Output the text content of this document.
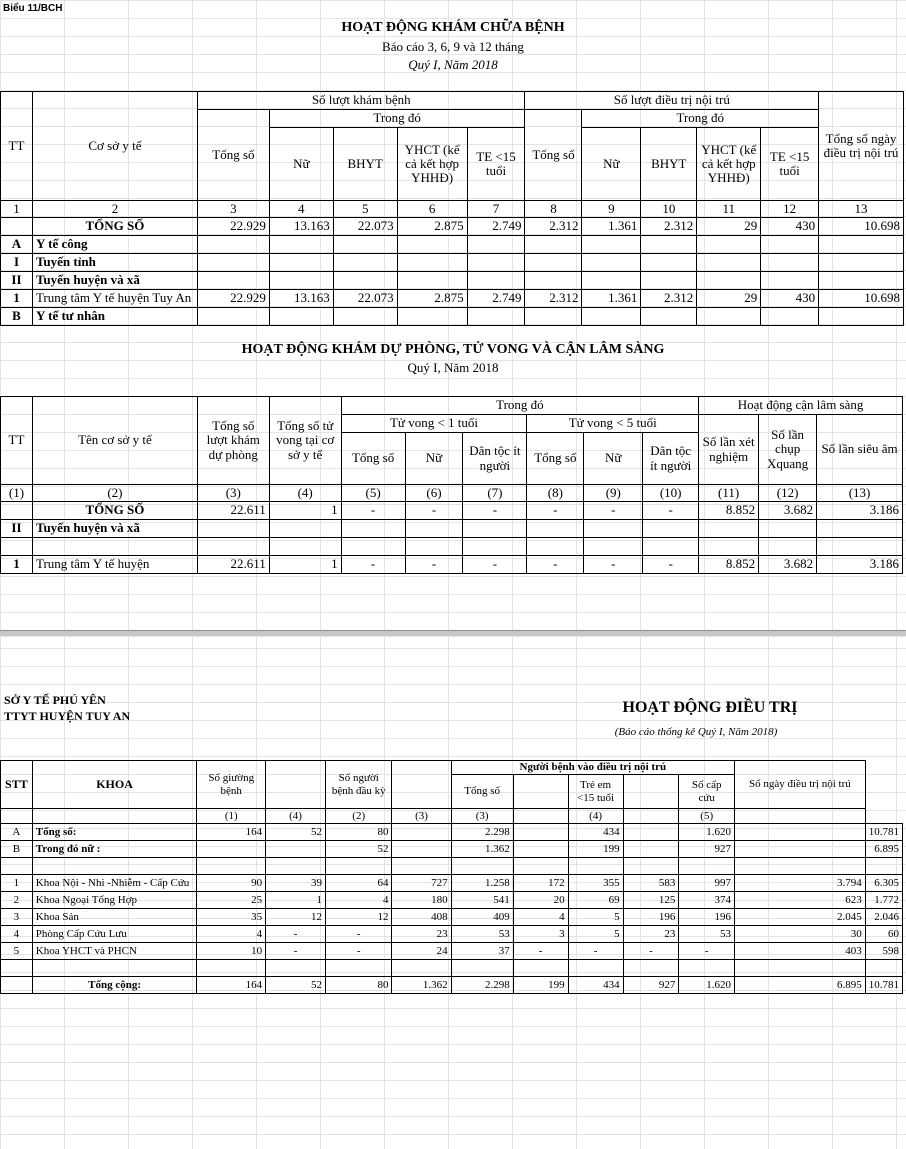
Biểu 11/BCH
HOẠT ĐỘNG KHÁM CHỮA BỆNH
Báo cáo 3, 6, 9 và 12 tháng
Quý I, Năm 2018
TT	Cơ sở y tế	Số lượt khám bệnh					Số lượt điều trị nội trú					Tổng số ngày điều trị nội trú
		Tổng số	Trong đó				Tổng số	Trong đó				
			Nữ	BHYT	YHCT (kể cả kết hợp YHHĐ)	TE <15 tuổi		Nữ	BHYT	YHCT (kể cả kết hợp YHHĐ)	TE <15 tuổi	
1	2	3	4	5	6	7	8	9	10	11	12	13
	TỔNG SỐ	22.929	13.163	22.073	2.875	2.749	2.312	1.361	2.312	29	430	10.698
A	Y tế công											
I	Tuyến tỉnh											
II	Tuyến huyện và xã											
1	Trung tâm Y tế huyện Tuy An	22.929	13.163	22.073	2.875	2.749	2.312	1.361	2.312	29	430	10.698
B	Y tế tư nhân											
HOẠT ĐỘNG KHÁM DỰ PHÒNG, TỬ VONG VÀ CẬN LÂM SÀNG
Quý I, Năm 2018
TT	Tên cơ sở y tế	Tổng số lượt khám dự phòng	Tổng số tử vong tại cơ sở y tế	Trong đó						Hoạt động cận lâm sàng		
				Tử vong < 1 tuổi			Tử vong < 5 tuổi			Số lần xét nghiệm	Số lần chụp Xquang	Số lần siêu âm
				Tổng số	Nữ	Dân tộc ít người	Tổng số	Nữ	Dân tộc ít người			
(1)	(2)	(3)	(4)	(5)	(6)	(7)	(8)	(9)	(10)	(11)	(12)	(13)
	TỔNG SỐ	22.611	1	-	-	-	-	-	-	8.852	3.682	3.186
II	Tuyến huyện và xã											

1	Trung tâm Y tế huyện	22.611	1	-	-	-	-	-	-	8.852	3.682	3.186
SỞ Y TẾ PHÚ YÊN
TTYT HUYỆN TUY AN	HOẠT ĐỘNG ĐIỀU TRỊ
(Báo cáo thống kê Quý I, Năm 2018)
STT	KHOA	Số giường bệnh		Số người bệnh đầu kỳ		Người bệnh vào điều trị nội trú					Số ngày điều trị nội trú	
						Tổng số		Trẻ em <15 tuổi		Số cấp cứu		

		(1)	(4)	(2)	(3)	(3)		(4)		(5)		
A	Tổng số:	164	52	80		2.298		434		1.620		10.781
B	Trong đó nữ :			52		1.362		199		927		6.895

1	Khoa Nội - Nhi -Nhiễm - Cấp Cứu	90	39	64	727	1.258	172	355	583	997	3.794	6.305
2	Khoa Ngoại Tổng Hợp	25	1	4	180	541	20	69	125	374	623	1.772
3	Khoa Sản	35	12	12	408	409	4	5	196	196	2.045	2.046
4	Phòng Cấp Cứu Lưu	4	-	-	23	53	3	5	23	53	30	60
5	Khoa YHCT và PHCN	10	-	-	24	37	-	-	-	-	403	598

	Tổng cộng:	164	52	80	1.362	2.298	199	434	927	1.620	6.895	10.781
